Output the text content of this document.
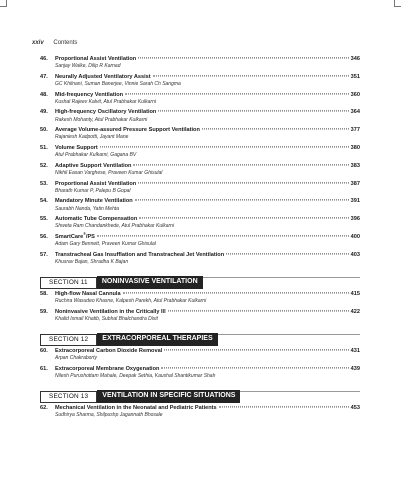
xxiv Contents
46.	Proportional Assist Ventilation	346
Sanjay Walke, Dilip R Karnad
47.	Neurally Adjusted Ventilatory Assist	351
GC Khilnani, Suman Banerjee, Vinnie Sarah Ch Sangma
48.	Mid-frequency Ventilation	360
Kushal Rajeev Kalvit, Atul Prabhakar Kulkarni
49.	High-frequency Oscillatory Ventilation	364
Rakesh Mohanty, Atul Prabhakar Kulkarni
50.	Average Volume-assured Pressure Support Ventilation	377
Rajaniesh Kadpotti, Jayant Mane
51.	Volume Support	380
Atul Prabhakar Kulkarni, Gagana BV
52.	Adaptive Support Ventilation	383
Nikhil Easan Varghese, Praveen Kumar Ghisulal
53.	Proportional Assist Ventilation	387
Bharath Kumar P, Palepu B Gopal
54.	Mandatory Minute Ventilation	391
Saurabh Nanda, Yatin Mehta
55.	Automatic Tube Compensation	396
Shweta Ram Chandankhede, Atul Prabhakar Kulkarni
56.	SmartCare®/PS	400
Adam Gary Bennett, Praveen Kumar Ghisulal
57.	Transtracheal Gas Insufflation and Transtracheal Jet Ventilation	403
Khusrav Bajan, Shradha K Bajan
SECTION 11	NONINVASIVE VENTILATION
58.	High-flow Nasal Cannula	415
Ruchira Wasudeo Khasne, Kalpesh Parekh, Atul Prabhakar Kulkarni
59.	Noninvasive Ventilation in the Critically Ill	422
Khalid Ismail Khatib, Subhal Bhalchandra Dixit
SECTION 12	EXTRACORPOREAL THERAPIES
60.	Extracorporeal Carbon Dioxide Removal	431
Arpan Chakraborty
61.	Extracorporeal Membrane Oxygenation	439
Nilesh Purushottam Mahale, Deepak Sethia, Kaushal Shantikumar Shah
SECTION 13	VENTILATION IN SPECIFIC SITUATIONS
62.	Mechanical Ventilation in the Neonatal and Pediatric Patients	453
Sudhirya Sharma, Shilpushp Jagannath Bhosale
